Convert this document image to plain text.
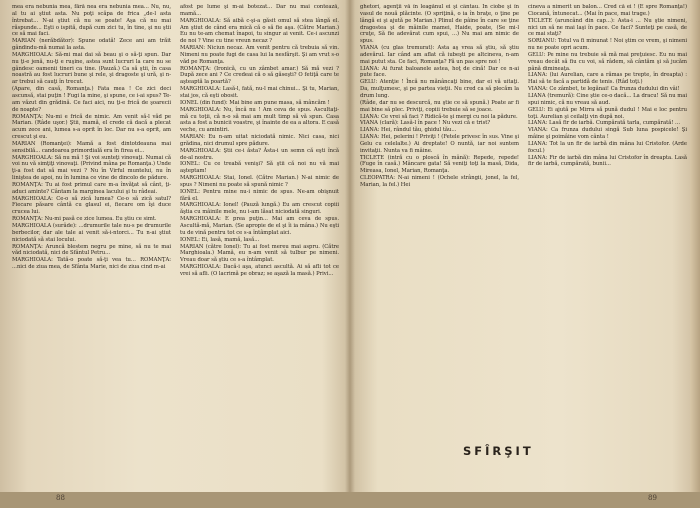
mea era nebunia mea, fără nea era nebunia mea... Nu, nu, al tu ai ştiut asta. Nu poţi scăpa de frica „de-l asta întrebat... N-ai ştiut că nu se poate! Aşa că nu mai răspunde... Eşti o ispită, după cum zici tu, în tine, şi nu ştii ce să mai faci.

MARIAN (nerăbdător): Spune odată! Zece ani am trăit gândindu-mă numai la asta.

MARGHIOALA: Să-mi mai dai să beau şi o să-ţi spun. Dar nu ţi-e jenă, nu-ţi e ruşine, astea sunt lucruri la care nu se gândesc oamenii tineri ca tine. (Pauză.) Ca să ştii, în casa noastră au fost lucruri bune şi rele, şi dragoste şi ură, şi n-ar trebui să cauţi în trecut.

(Apare, din casă, Romanţa.) Fata mea ! Ce zici deci ascunsă, stai puţin ! Fugi la mine, şi spune, ce i-ai spus? Te-am văzut din grădină. Ce faci aici, nu ţi-e frică de şoarecii de noapte?

ROMANŢA: Nu-mi e frică de nimic. Am venit să-l văd pe Marian. (Râde uşor.) Ştii, mamă, el crede că dacă a plecat acum zece ani, lumea s-a oprit în loc. Dar nu s-a oprit, am crescut şi eu.

MARIAN (Romanţei): Mamă a fost dintotdeauna mai sensibilă... candoarea primordială era în firea ei...

MARGHIOALA: Să nu mă ! Şi voi sunteţi vinovaţi. Numai că voi nu vă simţiţi vinovaţi. (Privind mâna pe Romanţa.) Unde ţi-a fost dat să mai vezi ? Nu în Virful muntelui, nu în liniştea de apoi, nu în lumina ce vine de dincolo de pădure.

ROMANŢA: Tu ai fost primul care m-a învăţat să cânt, ţi-aduci aminte? Cântam la marginea lacului şi tu râdeai.

MARGHIOALA: Ce-o să zică lumea? Ce-o să zică satul? Fiecare păsare cântă cu glasul ei, fiecare om îşi duce crucea lui.

ROMANŢA: Nu-mi pasă ce zice lumea. Eu ştiu ce simt.

MARGHIOALA (surâde): ...drumurile tale nu-s pe drumurile berbecilor, dar ale tale ai venit să-i-ntorci... Tu n-ai ştiut niciodată să stai locului.

ROMANŢA: Aruncă blestem negru pe mine, să nu te mai văd niciodată, nici de Sfântul Petru...

MARGHIOALA: Tată-o poate să-ţi vea tu... ROMANŢA: ...nici de ziua mea, de Sfânta Marie, nici de ziua cind m-ai

afost pe lume şi m-ai botezat... Dar nu mai contează, mamă...

MARGHIOALA: Să aibă c-şi-a găsit omul să stea lângă el. Am ştiut de când era mică că o să fie aşa. (Către Marian.) Eu nu te-am chemat înapoi, tu singur ai venit. Ce-i ascunzi de noi ? Vine cu tine vreun necaz ?

MARIAN: Niciun necaz. Am venit pentru că trebuia să vin. Nimeni nu poate fugi de casa lui la nesfârşit. Şi am vrut s-o văd pe Romanţa.

ROMANŢA: (Ironică, cu un zâmbet amar.) Să mă vezi ? După zece ani ? Ce credeai că o să găseşti? O fetiţă care te aşteaptă la poartă?

MARGHIOALA: Lasă-l, fată, nu-l mai chinui... Şi tu, Marian, stai jos, că eşti obosit.

IONEL (din fund): Mai bine am pune masa, să mâncăm !

MARGHIOALA: Nu, încă nu ! Am ceva de spus. Ascultaţi-mă cu toţii, că n-o să mai am mult timp să vă spun. Casa asta a fost a bunicii voastre, şi înainte de ea a altora. E casă veche, cu amintiri.

MARIAN: Eu n-am uitat niciodată nimic. Nici casa, nici grădina, nici drumul spre pădure.

MARGHIOALA: Ştii ce-i ăsta? Ăsta-i un semn că eşti încă de-al nostru.

IONEL: Cu ce treabă venişi? Să ştii că noi nu vă mai aşteptam!

MARGHIOALA: Stai, Ionel. (Către Marian.) N-ai nimic de spus ? Nimeni nu poate să spună nimic ?

IONEL: Pentru mine nu-i nimic de spus. Ne-am obişnuit fără el.

MARGHIOALA: Ionel! (Pauză lungă.) Eu am crescut copiii ăştia cu mâinile mele, nu i-am lăsat niciodată singuri.

MARGHIOALA: E prea puţin... Mai am ceva de spus. Ascultă-mă, Marian. (Se apropie de el şi îi ia mâna.) Nu eşti tu de vină pentru tot ce s-a întâmplat aici.

IONEL: Ei, lasă, mamă, lasă...

MARIAN (către Ionel): Tu ai fost mereu mai aspru. (Către Marghioala.) Mamă, eu n-am venit să tulbur pe nimeni. Vreau doar să ştiu ce s-a întâmplat.

MARGHIOALA: Dacă-i aşa, atunci ascultă. Ai să afli tot ce vrei să afli. (O lacrimă pe obraz; se aşază la masă.) Privi...

ghetori, agenţii vă în leagănul ei şi cântau. În ciobe şi în vasul de nouă plăcinte. (O spriţină, o ia în braţe, o ţine pe lângă ei şi ajută pe Marian.) Plinul de pâine în care se ţine dragostea şi de mâinile mamei, Haide, poate, (Se mi-l cruţe, Să fie adevărat cum spui, ...) Nu mai am nimic de spus.

VIANA (cu glas tremurat): Asta aş vrea să ştiu, să ştiu adevărul. Iar când am aflat că iubeşti pe altcineva, n-am mai putut sta. Ce faci, Romanţa? Fă un pas spre noi !

LIANA: Ai furat baloanele astea, hoţ de cină! Dar ce n-ai pute face.

GELU: Atenţie ! Încă nu mănâncaţi bine, dar ei vă uitaţi. Da, mulţumesc, şi pe partea vieţii. Nu cred ca să plecăm la drum lung.

(Râde, dar nu se descurcă, nu ştie ce să spună.) Poate ar fi mai bine să plec. Priviţi, copiii trebuie să se joace.

LIANA: Ce vrei să faci ? Ridică-te şi mergi cu noi la pădure.

VIANA (clară): Lasă-l în pace ! Nu vezi că e trist?

LIANA: Hei, rândul tău, ghidul tău...

LIANA: Hei, pelerini ! Priviţi ! (Fetele privesc în sus. Vine şi Gelu cu celelalte.) Ai dreptate! O nuntă, iar noi suntem invitaţii. Nunta va fi mâine.

TICLETE (intră cu o ploscă în mână): Repede, repede! (Fuge în casă.) Mâncare gata! Să veniţi toţi la masă, Dida, Mireasa, Ionel, Marian, Romanţa.

CLEOPATRA: N-ai nimeni ! (Ochele strângii, jonel, la fel, Marian, la fel.) Hei

cineva a nimerit un balon... Cred că ei ! (E spre Romanţa!) Ciocană, întunecat... (Mai în pace, mai trage.)

TICLETE (aruncând din cap...): Asta-i ... Nu ştie nimeni, nici un să ne mai laşi în pace. Ce faci? Sunteţi pe casă, de ce mai staţi?

SORIANU: Totul va fi minunat ! Noi ştim ce vrem, şi nimeni nu ne poate opri acum.

GELU: Pe mine nu trebuie să mă mai preţuiesc. Eu nu mai vreau decât să fiu cu voi, să râdem, să cântăm şi să jucăm până dimineaţa.

LIANA: (lui Aurelian, care a rămas pe trepte, în dreapta) : Hai să te facă a partidă de tenis. (Râd toţi.)

VIANA: Ce zâmbet, te legănai! Ca frunza dudului din vâi!

LIANA (tremură): Cine ştie ce-o dacă... La dracu! Să nu mai spui nimic, că nu vreau să aud.

GELU: Ei ajută pe Mirra să pună dudul ! Mai e loc pentru toţi. Aurelian şi ceilalţi vin după noi.

LIANA: Lasă fir de iarbă. Cumpărată tarla, cumpărată! ...

VIANA: Ca frunza dudului singă Sub luna pospicele! Şi mâine şi poimâine vom cânta !

LIANA: Tot la un fir de iarbă din mâna lui Cristofor. (Arde focul.)

LIANA: Fir de iarbă din mâna lui Cristofor în dreapta. Lasă fir de iarbă, cumpărată, bunii...

SFÎRŞIT
88	89
